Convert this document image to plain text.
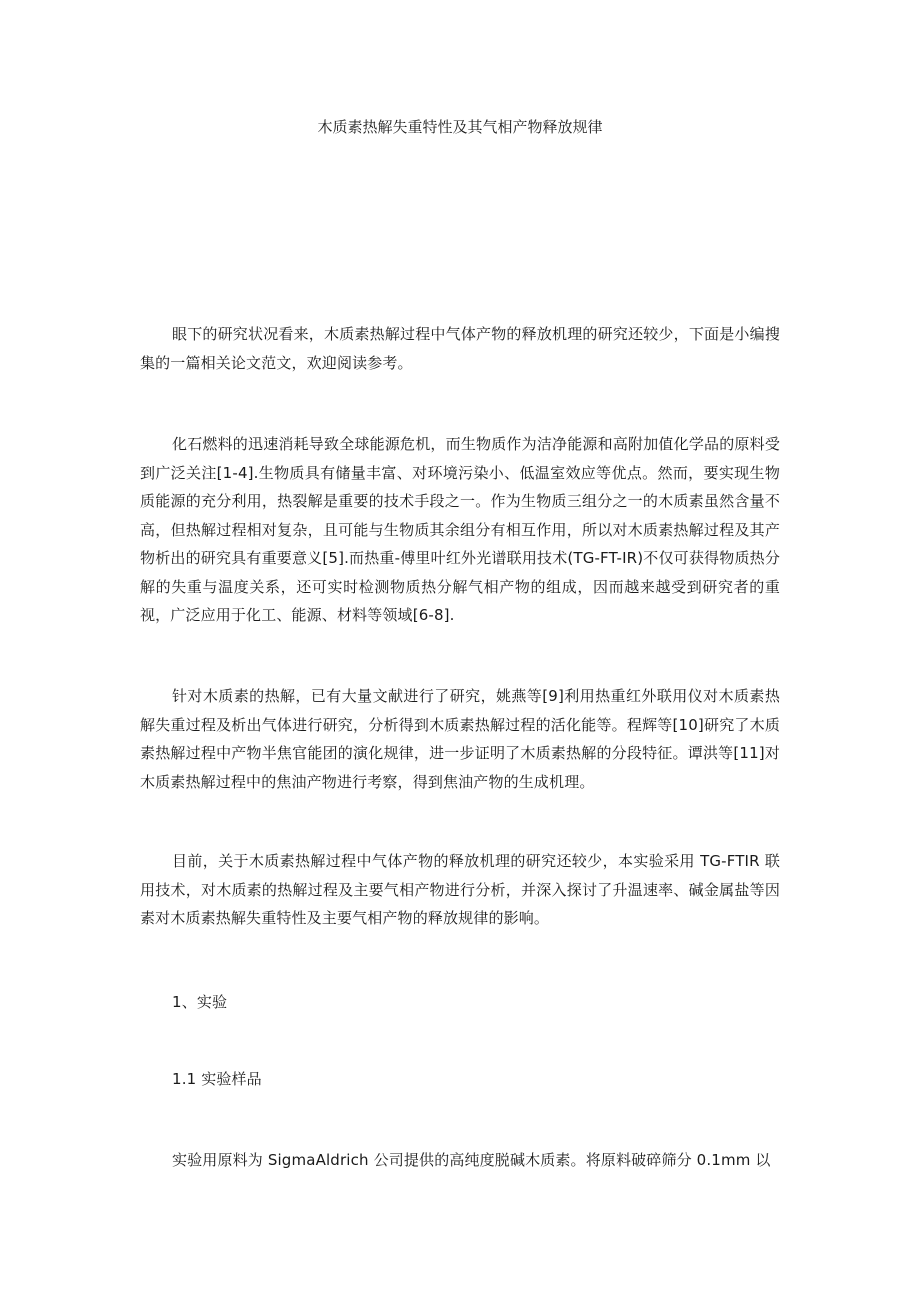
木质素热解失重特性及其气相产物释放规律

眼下的研究状况看来，木质素热解过程中气体产物的释放机理的研究还较少，下面是小编搜集的一篇相关论文范文，欢迎阅读参考。

化石燃料的迅速消耗导致全球能源危机，而生物质作为洁净能源和高附加值化学品的原料受到广泛关注[1-4].生物质具有储量丰富、对环境污染小、低温室效应等优点。然而，要实现生物质能源的充分利用，热裂解是重要的技术手段之一。作为生物质三组分之一的木质素虽然含量不高，但热解过程相对复杂，且可能与生物质其余组分有相互作用，所以对木质素热解过程及其产物析出的研究具有重要意义[5].而热重-傅里叶红外光谱联用技术(TG-FT-IR)不仅可获得物质热分解的失重与温度关系，还可实时检测物质热分解气相产物的组成，因而越来越受到研究者的重视，广泛应用于化工、能源、材料等领域[6-8].

针对木质素的热解，已有大量文献进行了研究，姚燕等[9]利用热重红外联用仪对木质素热解失重过程及析出气体进行研究，分析得到木质素热解过程的活化能等。程辉等[10]研究了木质素热解过程中产物半焦官能团的演化规律，进一步证明了木质素热解的分段特征。谭洪等[11]对木质素热解过程中的焦油产物进行考察，得到焦油产物的生成机理。

目前，关于木质素热解过程中气体产物的释放机理的研究还较少，本实验采用 TG-FTIR 联用技术，对木质素的热解过程及主要气相产物进行分析，并深入探讨了升温速率、碱金属盐等因素对木质素热解失重特性及主要气相产物的释放规律的影响。

1、实验

1.1 实验样品

实验用原料为 SigmaAldrich 公司提供的高纯度脱碱木质素。将原料破碎筛分 0.1mm 以
